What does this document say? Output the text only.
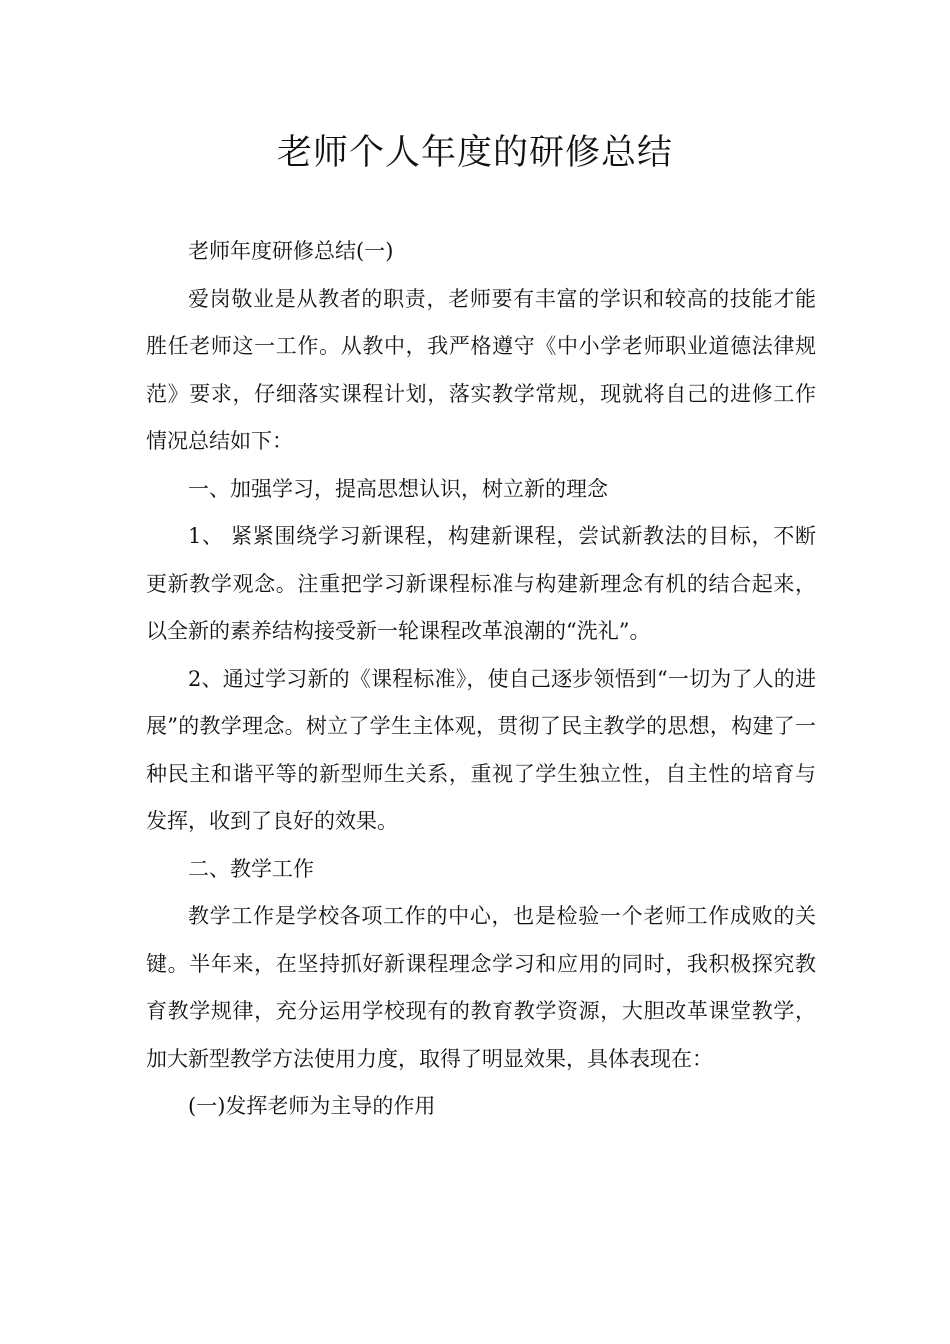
老师个人年度的研修总结

老师年度研修总结(一)

爱岗敬业是从教者的职责，老师要有丰富的学识和较高的技能才能胜任老师这一工作。从教中，我严格遵守《中小学老师职业道德法律规范》要求，仔细落实课程计划，落实教学常规，现就将自己的进修工作情况总结如下：

一、加强学习，提高思想认识，树立新的理念

1、 紧紧围绕学习新课程，构建新课程，尝试新教法的目标，不断更新教学观念。注重把学习新课程标准与构建新理念有机的结合起来，以全新的素养结构接受新一轮课程改革浪潮的“洗礼”。

2、通过学习新的《课程标准》，使自己逐步领悟到“一切为了人的进展”的教学理念。树立了学生主体观，贯彻了民主教学的思想，构建了一种民主和谐平等的新型师生关系，重视了学生独立性，自主性的培育与发挥，收到了良好的效果。

二、教学工作

教学工作是学校各项工作的中心，也是检验一个老师工作成败的关键。半年来，在坚持抓好新课程理念学习和应用的同时，我积极探究教育教学规律，充分运用学校现有的教育教学资源，大胆改革课堂教学，加大新型教学方法使用力度，取得了明显效果，具体表现在：

(一)发挥老师为主导的作用
